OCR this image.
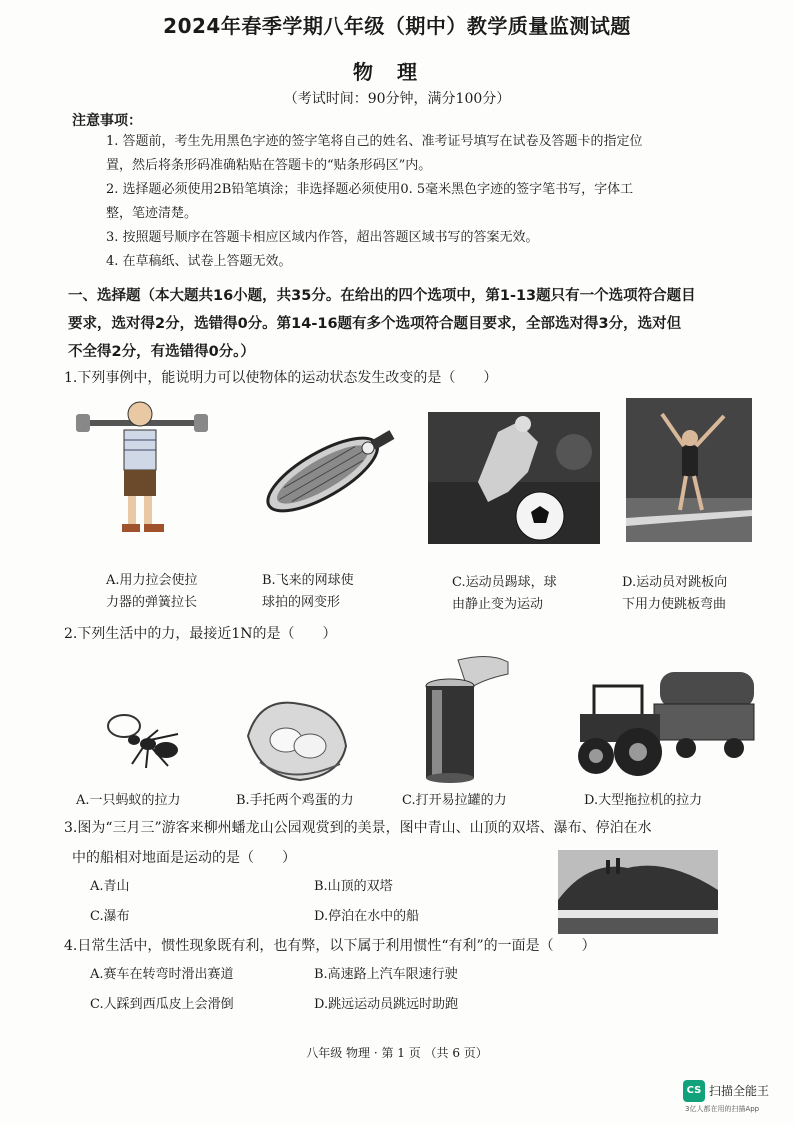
2024年春季学期八年级（期中）教学质量监测试题
物理
（考试时间：90分钟，满分100分）
注意事项：
1. 答题前，考生先用黑色字迹的签字笔将自己的姓名、准考证号填写在试卷及答题卡的指定位
置，然后将条形码准确粘贴在答题卡的“贴条形码区”内。
2. 选择题必须使用2B铅笔填涂；非选择题必须使用0. 5毫米黑色字迹的签字笔书写，字体工
整，笔迹清楚。
3. 按照题号顺序在答题卡相应区域内作答，超出答题区域书写的答案无效。
4. 在草稿纸、试卷上答题无效。
一、选择题（本大题共16小题，共35分。在给出的四个选项中，第1-13题只有一个选项符合题目
要求，选对得2分，选错得0分。第14-16题有多个选项符合题目要求，全部选对得3分，选对但
不全得2分，有选错得0分。）
1.下列事例中，能说明力可以使物体的运动状态发生改变的是（　　）
A.用力拉会使拉
力器的弹簧拉长
B.飞来的网球使
球拍的网变形
C.运动员踢球，球
由静止变为运动
D.运动员对跳板向
下用力使跳板弯曲
2.下列生活中的力，最接近1N的是（　　）
A.一只蚂蚁的拉力	B.手托两个鸡蛋的力	C.打开易拉罐的力	D.大型拖拉机的拉力
3.图为“三月三”游客来柳州蟠龙山公园观赏到的美景，图中青山、山顶的双塔、瀑布、停泊在水
中的船相对地面是运动的是（　　）
A.青山	B.山顶的双塔
C.瀑布	D.停泊在水中的船
4.日常生活中，惯性现象既有利，也有弊，以下属于利用惯性“有利”的一面是（　　）
A.赛车在转弯时滑出赛道	B.高速路上汽车限速行驶
C.人踩到西瓜皮上会滑倒	D.跳远运动员跳远时助跑
八年级 物理 · 第 1 页 （共 6 页）
CS 扫描全能王
3亿人都在用的扫描App
